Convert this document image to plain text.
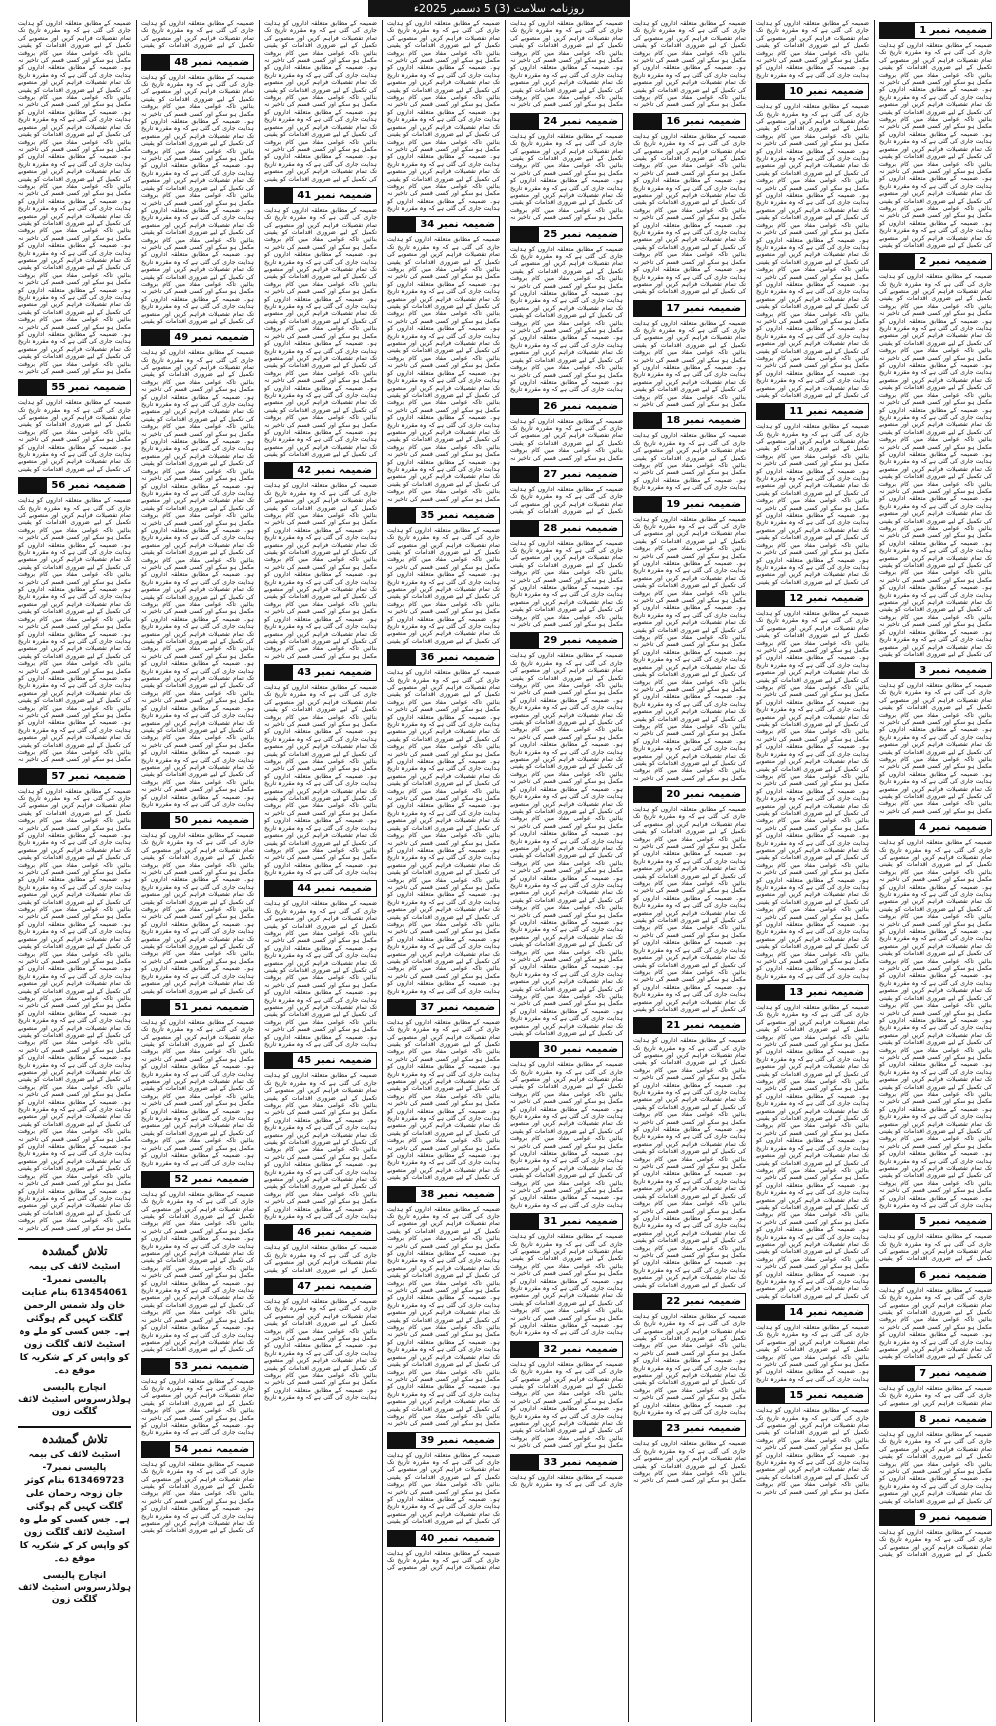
روزنامہ سلامت (3) 5 دسمبر 2025ء
ضمیمہ نمبر 1
ضمیمہ کے مطابق متعلقہ اداروں کو ہدایت جاری کی گئی ہے کہ وہ مقررہ تاریخ تک تمام تفصیلات فراہم کریں اور منصوبے کی تکمیل کے لیے ضروری اقدامات کو یقینی بنائیں تاکہ عوامی مفاد میں کام بروقت مکمل ہو سکے اور کسی قسم کی تاخیر نہ ہو۔ ضمیمہ کے مطابق متعلقہ اداروں کو ہدایت جاری کی گئی ہے کہ وہ مقررہ تاریخ تک تمام تفصیلات فراہم کریں اور منصوبے کی تکمیل کے لیے ضروری اقدامات کو یقینی بنائیں تاکہ عوامی مفاد میں کام بروقت مکمل ہو سکے اور کسی قسم کی تاخیر نہ ہو۔ ضمیمہ کے مطابق متعلقہ اداروں کو ہدایت جاری کی گئی ہے کہ وہ مقررہ تاریخ تک تمام تفصیلات فراہم کریں اور منصوبے کی تکمیل کے لیے ضروری اقدامات کو یقینی بنائیں تاکہ عوامی مفاد میں کام بروقت مکمل ہو سکے اور کسی قسم کی تاخیر نہ ہو۔ ضمیمہ کے مطابق متعلقہ اداروں کو ہدایت جاری کی گئی ہے کہ وہ مقررہ تاریخ تک تمام تفصیلات فراہم کریں اور منصوبے کی تکمیل کے لیے ضروری اقدامات کو یقینی بنائیں تاکہ عوامی مفاد میں کام بروقت مکمل ہو سکے اور کسی قسم کی تاخیر نہ ہو۔ ضمیمہ کے مطابق متعلقہ اداروں کو ہدایت جاری کی گئی ہے کہ وہ مقررہ تاریخ تک تمام تفصیلات فراہم کریں اور منصوبے کی تکمیل کے لیے ضروری اقدامات کو یقینی
ضمیمہ نمبر 2
ضمیمہ کے مطابق متعلقہ اداروں کو ہدایت جاری کی گئی ہے کہ وہ مقررہ تاریخ تک تمام تفصیلات فراہم کریں اور منصوبے کی تکمیل کے لیے ضروری اقدامات کو یقینی بنائیں تاکہ عوامی مفاد میں کام بروقت مکمل ہو سکے اور کسی قسم کی تاخیر نہ ہو۔ ضمیمہ کے مطابق متعلقہ اداروں کو ہدایت جاری کی گئی ہے کہ وہ مقررہ تاریخ تک تمام تفصیلات فراہم کریں اور منصوبے کی تکمیل کے لیے ضروری اقدامات کو یقینی بنائیں تاکہ عوامی مفاد میں کام بروقت مکمل ہو سکے اور کسی قسم کی تاخیر نہ ہو۔ ضمیمہ کے مطابق متعلقہ اداروں کو ہدایت جاری کی گئی ہے کہ وہ مقررہ تاریخ تک تمام تفصیلات فراہم کریں اور منصوبے کی تکمیل کے لیے ضروری اقدامات کو یقینی بنائیں تاکہ عوامی مفاد میں کام بروقت مکمل ہو سکے اور کسی قسم کی تاخیر نہ ہو۔ ضمیمہ کے مطابق متعلقہ اداروں کو ہدایت جاری کی گئی ہے کہ وہ مقررہ تاریخ تک تمام تفصیلات فراہم کریں اور منصوبے کی تکمیل کے لیے ضروری اقدامات کو یقینی بنائیں تاکہ عوامی مفاد میں کام بروقت مکمل ہو سکے اور کسی قسم کی تاخیر نہ ہو۔ ضمیمہ کے مطابق متعلقہ اداروں کو ہدایت جاری کی گئی ہے کہ وہ مقررہ تاریخ تک تمام تفصیلات فراہم کریں اور منصوبے کی تکمیل کے لیے ضروری اقدامات کو یقینی بنائیں تاکہ عوامی مفاد میں کام بروقت مکمل ہو سکے اور کسی قسم کی تاخیر نہ ہو۔ ضمیمہ کے مطابق متعلقہ اداروں کو ہدایت جاری کی گئی ہے کہ وہ مقررہ تاریخ تک تمام تفصیلات فراہم کریں اور منصوبے کی تکمیل کے لیے ضروری اقدامات کو یقینی بنائیں تاکہ عوامی مفاد میں کام بروقت مکمل ہو سکے اور کسی قسم کی تاخیر نہ ہو۔ ضمیمہ کے مطابق متعلقہ اداروں کو ہدایت جاری کی گئی ہے کہ وہ مقررہ تاریخ تک تمام تفصیلات فراہم کریں اور منصوبے کی تکمیل کے لیے ضروری اقدامات کو یقینی بنائیں تاکہ عوامی مفاد میں کام بروقت مکمل ہو سکے اور کسی قسم کی تاخیر نہ ہو۔ ضمیمہ کے مطابق متعلقہ اداروں کو ہدایت جاری کی گئی ہے کہ وہ مقررہ تاریخ تک تمام تفصیلات فراہم کریں اور منصوبے کی تکمیل کے لیے ضروری اقدامات کو یقینی بنائیں تاکہ عوامی مفاد میں کام بروقت مکمل ہو سکے اور کسی قسم کی تاخیر نہ ہو۔ ضمیمہ کے مطابق متعلقہ اداروں کو ہدایت جاری کی گئی ہے کہ وہ مقررہ تاریخ تک تمام تفصیلات فراہم کریں اور منصوبے کی تکمیل کے لیے ضروری اقدامات کو یقینی
ضمیمہ نمبر 3
ضمیمہ کے مطابق متعلقہ اداروں کو ہدایت جاری کی گئی ہے کہ وہ مقررہ تاریخ تک تمام تفصیلات فراہم کریں اور منصوبے کی تکمیل کے لیے ضروری اقدامات کو یقینی بنائیں تاکہ عوامی مفاد میں کام بروقت مکمل ہو سکے اور کسی قسم کی تاخیر نہ ہو۔ ضمیمہ کے مطابق متعلقہ اداروں کو ہدایت جاری کی گئی ہے کہ وہ مقررہ تاریخ تک تمام تفصیلات فراہم کریں اور منصوبے کی تکمیل کے لیے ضروری اقدامات کو یقینی بنائیں تاکہ عوامی مفاد میں کام بروقت مکمل ہو سکے اور کسی قسم کی تاخیر نہ ہو۔ ضمیمہ کے مطابق متعلقہ اداروں کو ہدایت جاری کی گئی ہے کہ وہ مقررہ تاریخ تک تمام تفصیلات فراہم کریں اور منصوبے کی تکمیل کے لیے ضروری اقدامات کو یقینی بنائیں تاکہ عوامی مفاد میں کام بروقت مکمل ہو سکے اور کسی قسم کی تاخیر نہ
ضمیمہ نمبر 4
ضمیمہ کے مطابق متعلقہ اداروں کو ہدایت جاری کی گئی ہے کہ وہ مقررہ تاریخ تک تمام تفصیلات فراہم کریں اور منصوبے کی تکمیل کے لیے ضروری اقدامات کو یقینی بنائیں تاکہ عوامی مفاد میں کام بروقت مکمل ہو سکے اور کسی قسم کی تاخیر نہ ہو۔ ضمیمہ کے مطابق متعلقہ اداروں کو ہدایت جاری کی گئی ہے کہ وہ مقررہ تاریخ تک تمام تفصیلات فراہم کریں اور منصوبے کی تکمیل کے لیے ضروری اقدامات کو یقینی بنائیں تاکہ عوامی مفاد میں کام بروقت مکمل ہو سکے اور کسی قسم کی تاخیر نہ ہو۔ ضمیمہ کے مطابق متعلقہ اداروں کو ہدایت جاری کی گئی ہے کہ وہ مقررہ تاریخ تک تمام تفصیلات فراہم کریں اور منصوبے کی تکمیل کے لیے ضروری اقدامات کو یقینی بنائیں تاکہ عوامی مفاد میں کام بروقت مکمل ہو سکے اور کسی قسم کی تاخیر نہ ہو۔ ضمیمہ کے مطابق متعلقہ اداروں کو ہدایت جاری کی گئی ہے کہ وہ مقررہ تاریخ تک تمام تفصیلات فراہم کریں اور منصوبے کی تکمیل کے لیے ضروری اقدامات کو یقینی بنائیں تاکہ عوامی مفاد میں کام بروقت مکمل ہو سکے اور کسی قسم کی تاخیر نہ ہو۔ ضمیمہ کے مطابق متعلقہ اداروں کو ہدایت جاری کی گئی ہے کہ وہ مقررہ تاریخ تک تمام تفصیلات فراہم کریں اور منصوبے کی تکمیل کے لیے ضروری اقدامات کو یقینی بنائیں تاکہ عوامی مفاد میں کام بروقت مکمل ہو سکے اور کسی قسم کی تاخیر نہ ہو۔ ضمیمہ کے مطابق متعلقہ اداروں کو ہدایت جاری کی گئی ہے کہ وہ مقررہ تاریخ تک تمام تفصیلات فراہم کریں اور منصوبے کی تکمیل کے لیے ضروری اقدامات کو یقینی بنائیں تاکہ عوامی مفاد میں کام بروقت مکمل ہو سکے اور کسی قسم کی تاخیر نہ ہو۔ ضمیمہ کے مطابق متعلقہ اداروں کو ہدایت جاری کی گئی ہے کہ وہ مقررہ تاریخ تک تمام تفصیلات فراہم کریں اور منصوبے کی تکمیل کے لیے ضروری اقدامات کو یقینی بنائیں تاکہ عوامی مفاد میں کام بروقت مکمل ہو سکے اور کسی قسم کی تاخیر نہ ہو۔ ضمیمہ کے مطابق متعلقہ اداروں کو ہدایت جاری کی گئی ہے کہ وہ مقررہ تاریخ تک تمام تفصیلات فراہم کریں اور منصوبے کی تکمیل کے لیے ضروری اقدامات کو یقینی بنائیں تاکہ عوامی مفاد میں کام بروقت مکمل ہو سکے اور کسی قسم کی تاخیر نہ ہو۔ ضمیمہ کے مطابق متعلقہ اداروں کو ہدایت جاری کی گئی ہے کہ وہ مقررہ تاریخ
ضمیمہ نمبر 5
ضمیمہ کے مطابق متعلقہ اداروں کو ہدایت جاری کی گئی ہے کہ وہ مقررہ تاریخ تک تمام تفصیلات فراہم کریں اور منصوبے کی تکمیل کے لیے ضروری اقدامات کو یقینی
ضمیمہ نمبر 6
ضمیمہ کے مطابق متعلقہ اداروں کو ہدایت جاری کی گئی ہے کہ وہ مقررہ تاریخ تک تمام تفصیلات فراہم کریں اور منصوبے کی تکمیل کے لیے ضروری اقدامات کو یقینی بنائیں تاکہ عوامی مفاد میں کام بروقت مکمل ہو سکے اور کسی قسم کی تاخیر نہ ہو۔ ضمیمہ کے مطابق متعلقہ اداروں کو ہدایت جاری کی گئی ہے کہ وہ مقررہ تاریخ تک تمام تفصیلات فراہم کریں اور منصوبے کی تکمیل کے لیے ضروری اقدامات کو یقینی
ضمیمہ نمبر 7
ضمیمہ کے مطابق متعلقہ اداروں کو ہدایت جاری کی گئی ہے کہ وہ مقررہ تاریخ تک تمام تفصیلات فراہم کریں اور منصوبے کی
ضمیمہ نمبر 8
ضمیمہ کے مطابق متعلقہ اداروں کو ہدایت جاری کی گئی ہے کہ وہ مقررہ تاریخ تک تمام تفصیلات فراہم کریں اور منصوبے کی تکمیل کے لیے ضروری اقدامات کو یقینی بنائیں تاکہ عوامی مفاد میں کام بروقت مکمل ہو سکے اور کسی قسم کی تاخیر نہ ہو۔ ضمیمہ کے مطابق متعلقہ اداروں کو ہدایت جاری کی گئی ہے کہ وہ مقررہ تاریخ تک تمام تفصیلات فراہم کریں اور منصوبے کی تکمیل کے لیے ضروری اقدامات کو یقینی
ضمیمہ نمبر 9
ضمیمہ کے مطابق متعلقہ اداروں کو ہدایت جاری کی گئی ہے کہ وہ مقررہ تاریخ تک تمام تفصیلات فراہم کریں اور منصوبے کی تکمیل کے لیے ضروری اقدامات کو یقینی
ضمیمہ کے مطابق متعلقہ اداروں کو ہدایت جاری کی گئی ہے کہ وہ مقررہ تاریخ تک تمام تفصیلات فراہم کریں اور منصوبے کی تکمیل کے لیے ضروری اقدامات کو یقینی بنائیں تاکہ عوامی مفاد میں کام بروقت مکمل ہو سکے اور کسی قسم کی تاخیر نہ ہو۔ ضمیمہ کے مطابق متعلقہ اداروں کو ہدایت جاری کی گئی ہے کہ وہ مقررہ تاریخ
ضمیمہ نمبر 10
ضمیمہ کے مطابق متعلقہ اداروں کو ہدایت جاری کی گئی ہے کہ وہ مقررہ تاریخ تک تمام تفصیلات فراہم کریں اور منصوبے کی تکمیل کے لیے ضروری اقدامات کو یقینی بنائیں تاکہ عوامی مفاد میں کام بروقت مکمل ہو سکے اور کسی قسم کی تاخیر نہ ہو۔ ضمیمہ کے مطابق متعلقہ اداروں کو ہدایت جاری کی گئی ہے کہ وہ مقررہ تاریخ تک تمام تفصیلات فراہم کریں اور منصوبے کی تکمیل کے لیے ضروری اقدامات کو یقینی بنائیں تاکہ عوامی مفاد میں کام بروقت مکمل ہو سکے اور کسی قسم کی تاخیر نہ ہو۔ ضمیمہ کے مطابق متعلقہ اداروں کو ہدایت جاری کی گئی ہے کہ وہ مقررہ تاریخ تک تمام تفصیلات فراہم کریں اور منصوبے کی تکمیل کے لیے ضروری اقدامات کو یقینی بنائیں تاکہ عوامی مفاد میں کام بروقت مکمل ہو سکے اور کسی قسم کی تاخیر نہ ہو۔ ضمیمہ کے مطابق متعلقہ اداروں کو ہدایت جاری کی گئی ہے کہ وہ مقررہ تاریخ تک تمام تفصیلات فراہم کریں اور منصوبے کی تکمیل کے لیے ضروری اقدامات کو یقینی بنائیں تاکہ عوامی مفاد میں کام بروقت مکمل ہو سکے اور کسی قسم کی تاخیر نہ ہو۔ ضمیمہ کے مطابق متعلقہ اداروں کو ہدایت جاری کی گئی ہے کہ وہ مقررہ تاریخ تک تمام تفصیلات فراہم کریں اور منصوبے کی تکمیل کے لیے ضروری اقدامات کو یقینی بنائیں تاکہ عوامی مفاد میں کام بروقت مکمل ہو سکے اور کسی قسم کی تاخیر نہ ہو۔ ضمیمہ کے مطابق متعلقہ اداروں کو ہدایت جاری کی گئی ہے کہ وہ مقررہ تاریخ تک تمام تفصیلات فراہم کریں اور منصوبے کی تکمیل کے لیے ضروری اقدامات کو یقینی بنائیں تاکہ عوامی مفاد میں کام بروقت مکمل ہو سکے اور کسی قسم کی تاخیر نہ ہو۔ ضمیمہ کے مطابق متعلقہ اداروں کو ہدایت جاری کی گئی ہے کہ وہ مقررہ تاریخ تک تمام تفصیلات فراہم کریں اور منصوبے کی تکمیل کے لیے ضروری اقدامات کو یقینی
ضمیمہ نمبر 11
ضمیمہ کے مطابق متعلقہ اداروں کو ہدایت جاری کی گئی ہے کہ وہ مقررہ تاریخ تک تمام تفصیلات فراہم کریں اور منصوبے کی تکمیل کے لیے ضروری اقدامات کو یقینی بنائیں تاکہ عوامی مفاد میں کام بروقت مکمل ہو سکے اور کسی قسم کی تاخیر نہ ہو۔ ضمیمہ کے مطابق متعلقہ اداروں کو ہدایت جاری کی گئی ہے کہ وہ مقررہ تاریخ تک تمام تفصیلات فراہم کریں اور منصوبے کی تکمیل کے لیے ضروری اقدامات کو یقینی بنائیں تاکہ عوامی مفاد میں کام بروقت مکمل ہو سکے اور کسی قسم کی تاخیر نہ ہو۔ ضمیمہ کے مطابق متعلقہ اداروں کو ہدایت جاری کی گئی ہے کہ وہ مقررہ تاریخ تک تمام تفصیلات فراہم کریں اور منصوبے کی تکمیل کے لیے ضروری اقدامات کو یقینی بنائیں تاکہ عوامی مفاد میں کام بروقت مکمل ہو سکے اور کسی قسم کی تاخیر نہ ہو۔ ضمیمہ کے مطابق متعلقہ اداروں کو ہدایت جاری کی گئی ہے کہ وہ مقررہ تاریخ تک تمام تفصیلات فراہم کریں اور منصوبے کی تکمیل کے لیے ضروری اقدامات کو یقینی
ضمیمہ نمبر 12
ضمیمہ کے مطابق متعلقہ اداروں کو ہدایت جاری کی گئی ہے کہ وہ مقررہ تاریخ تک تمام تفصیلات فراہم کریں اور منصوبے کی تکمیل کے لیے ضروری اقدامات کو یقینی بنائیں تاکہ عوامی مفاد میں کام بروقت مکمل ہو سکے اور کسی قسم کی تاخیر نہ ہو۔ ضمیمہ کے مطابق متعلقہ اداروں کو ہدایت جاری کی گئی ہے کہ وہ مقررہ تاریخ تک تمام تفصیلات فراہم کریں اور منصوبے کی تکمیل کے لیے ضروری اقدامات کو یقینی بنائیں تاکہ عوامی مفاد میں کام بروقت مکمل ہو سکے اور کسی قسم کی تاخیر نہ ہو۔ ضمیمہ کے مطابق متعلقہ اداروں کو ہدایت جاری کی گئی ہے کہ وہ مقررہ تاریخ تک تمام تفصیلات فراہم کریں اور منصوبے کی تکمیل کے لیے ضروری اقدامات کو یقینی بنائیں تاکہ عوامی مفاد میں کام بروقت مکمل ہو سکے اور کسی قسم کی تاخیر نہ ہو۔ ضمیمہ کے مطابق متعلقہ اداروں کو ہدایت جاری کی گئی ہے کہ وہ مقررہ تاریخ تک تمام تفصیلات فراہم کریں اور منصوبے کی تکمیل کے لیے ضروری اقدامات کو یقینی بنائیں تاکہ عوامی مفاد میں کام بروقت مکمل ہو سکے اور کسی قسم کی تاخیر نہ ہو۔ ضمیمہ کے مطابق متعلقہ اداروں کو ہدایت جاری کی گئی ہے کہ وہ مقررہ تاریخ تک تمام تفصیلات فراہم کریں اور منصوبے کی تکمیل کے لیے ضروری اقدامات کو یقینی بنائیں تاکہ عوامی مفاد میں کام بروقت مکمل ہو سکے اور کسی قسم کی تاخیر نہ ہو۔ ضمیمہ کے مطابق متعلقہ اداروں کو ہدایت جاری کی گئی ہے کہ وہ مقررہ تاریخ تک تمام تفصیلات فراہم کریں اور منصوبے کی تکمیل کے لیے ضروری اقدامات کو یقینی بنائیں تاکہ عوامی مفاد میں کام بروقت مکمل ہو سکے اور کسی قسم کی تاخیر نہ ہو۔ ضمیمہ کے مطابق متعلقہ اداروں کو ہدایت جاری کی گئی ہے کہ وہ مقررہ تاریخ تک تمام تفصیلات فراہم کریں اور منصوبے کی تکمیل کے لیے ضروری اقدامات کو یقینی بنائیں تاکہ عوامی مفاد میں کام بروقت مکمل ہو سکے اور کسی قسم کی تاخیر نہ ہو۔ ضمیمہ کے مطابق متعلقہ اداروں کو ہدایت جاری کی گئی ہے کہ وہ مقررہ تاریخ تک تمام تفصیلات فراہم کریں اور منصوبے کی تکمیل کے لیے ضروری اقدامات کو یقینی بنائیں تاکہ عوامی مفاد میں کام بروقت مکمل ہو سکے اور کسی قسم کی تاخیر نہ ہو۔ ضمیمہ کے مطابق متعلقہ اداروں کو ہدایت جاری کی گئی ہے کہ وہ مقررہ تاریخ
ضمیمہ نمبر 13
ضمیمہ کے مطابق متعلقہ اداروں کو ہدایت جاری کی گئی ہے کہ وہ مقررہ تاریخ تک تمام تفصیلات فراہم کریں اور منصوبے کی تکمیل کے لیے ضروری اقدامات کو یقینی بنائیں تاکہ عوامی مفاد میں کام بروقت مکمل ہو سکے اور کسی قسم کی تاخیر نہ ہو۔ ضمیمہ کے مطابق متعلقہ اداروں کو ہدایت جاری کی گئی ہے کہ وہ مقررہ تاریخ تک تمام تفصیلات فراہم کریں اور منصوبے کی تکمیل کے لیے ضروری اقدامات کو یقینی بنائیں تاکہ عوامی مفاد میں کام بروقت مکمل ہو سکے اور کسی قسم کی تاخیر نہ ہو۔ ضمیمہ کے مطابق متعلقہ اداروں کو ہدایت جاری کی گئی ہے کہ وہ مقررہ تاریخ تک تمام تفصیلات فراہم کریں اور منصوبے کی تکمیل کے لیے ضروری اقدامات کو یقینی بنائیں تاکہ عوامی مفاد میں کام بروقت مکمل ہو سکے اور کسی قسم کی تاخیر نہ ہو۔ ضمیمہ کے مطابق متعلقہ اداروں کو ہدایت جاری کی گئی ہے کہ وہ مقررہ تاریخ تک تمام تفصیلات فراہم کریں اور منصوبے کی تکمیل کے لیے ضروری اقدامات کو یقینی بنائیں تاکہ عوامی مفاد میں کام بروقت مکمل ہو سکے اور کسی قسم کی تاخیر نہ ہو۔ ضمیمہ کے مطابق متعلقہ اداروں کو ہدایت جاری کی گئی ہے کہ وہ مقررہ تاریخ تک تمام تفصیلات فراہم کریں اور منصوبے کی تکمیل کے لیے ضروری اقدامات کو یقینی بنائیں تاکہ عوامی مفاد میں کام بروقت مکمل ہو سکے اور کسی قسم کی تاخیر نہ ہو۔ ضمیمہ کے مطابق متعلقہ اداروں کو ہدایت جاری کی گئی ہے کہ وہ مقررہ تاریخ تک تمام تفصیلات فراہم کریں اور منصوبے کی تکمیل کے لیے ضروری اقدامات کو یقینی بنائیں تاکہ عوامی مفاد میں کام بروقت مکمل ہو سکے اور کسی قسم کی تاخیر نہ ہو۔ ضمیمہ کے مطابق متعلقہ اداروں کو ہدایت جاری کی گئی ہے کہ وہ مقررہ تاریخ تک تمام تفصیلات فراہم کریں اور منصوبے کی تکمیل کے لیے ضروری اقدامات کو یقینی
ضمیمہ نمبر 14
ضمیمہ کے مطابق متعلقہ اداروں کو ہدایت جاری کی گئی ہے کہ وہ مقررہ تاریخ تک تمام تفصیلات فراہم کریں اور منصوبے کی تکمیل کے لیے ضروری اقدامات کو یقینی بنائیں تاکہ عوامی مفاد میں کام بروقت مکمل ہو سکے اور کسی قسم کی تاخیر نہ ہو۔ ضمیمہ کے مطابق متعلقہ اداروں کو ہدایت جاری کی گئی ہے کہ وہ مقررہ تاریخ
ضمیمہ نمبر 15
ضمیمہ کے مطابق متعلقہ اداروں کو ہدایت جاری کی گئی ہے کہ وہ مقررہ تاریخ تک تمام تفصیلات فراہم کریں اور منصوبے کی تکمیل کے لیے ضروری اقدامات کو یقینی بنائیں تاکہ عوامی مفاد میں کام بروقت مکمل ہو سکے اور کسی قسم کی تاخیر نہ ہو۔ ضمیمہ کے مطابق متعلقہ اداروں کو ہدایت جاری کی گئی ہے کہ وہ مقررہ تاریخ تک تمام تفصیلات فراہم کریں اور منصوبے کی تکمیل کے لیے ضروری اقدامات کو یقینی بنائیں تاکہ عوامی مفاد میں کام بروقت مکمل ہو سکے اور کسی قسم کی تاخیر نہ
ضمیمہ کے مطابق متعلقہ اداروں کو ہدایت جاری کی گئی ہے کہ وہ مقررہ تاریخ تک تمام تفصیلات فراہم کریں اور منصوبے کی تکمیل کے لیے ضروری اقدامات کو یقینی بنائیں تاکہ عوامی مفاد میں کام بروقت مکمل ہو سکے اور کسی قسم کی تاخیر نہ ہو۔ ضمیمہ کے مطابق متعلقہ اداروں کو ہدایت جاری کی گئی ہے کہ وہ مقررہ تاریخ تک تمام تفصیلات فراہم کریں اور منصوبے کی تکمیل کے لیے ضروری اقدامات کو یقینی بنائیں تاکہ عوامی مفاد میں کام بروقت مکمل ہو سکے اور کسی قسم کی تاخیر نہ
ضمیمہ نمبر 16
ضمیمہ کے مطابق متعلقہ اداروں کو ہدایت جاری کی گئی ہے کہ وہ مقررہ تاریخ تک تمام تفصیلات فراہم کریں اور منصوبے کی تکمیل کے لیے ضروری اقدامات کو یقینی بنائیں تاکہ عوامی مفاد میں کام بروقت مکمل ہو سکے اور کسی قسم کی تاخیر نہ ہو۔ ضمیمہ کے مطابق متعلقہ اداروں کو ہدایت جاری کی گئی ہے کہ وہ مقررہ تاریخ تک تمام تفصیلات فراہم کریں اور منصوبے کی تکمیل کے لیے ضروری اقدامات کو یقینی بنائیں تاکہ عوامی مفاد میں کام بروقت مکمل ہو سکے اور کسی قسم کی تاخیر نہ ہو۔ ضمیمہ کے مطابق متعلقہ اداروں کو ہدایت جاری کی گئی ہے کہ وہ مقررہ تاریخ تک تمام تفصیلات فراہم کریں اور منصوبے کی تکمیل کے لیے ضروری اقدامات کو یقینی بنائیں تاکہ عوامی مفاد میں کام بروقت مکمل ہو سکے اور کسی قسم کی تاخیر نہ ہو۔ ضمیمہ کے مطابق متعلقہ اداروں کو ہدایت جاری کی گئی ہے کہ وہ مقررہ تاریخ تک تمام تفصیلات فراہم کریں اور منصوبے کی تکمیل کے لیے ضروری اقدامات کو یقینی
ضمیمہ نمبر 17
ضمیمہ کے مطابق متعلقہ اداروں کو ہدایت جاری کی گئی ہے کہ وہ مقررہ تاریخ تک تمام تفصیلات فراہم کریں اور منصوبے کی تکمیل کے لیے ضروری اقدامات کو یقینی بنائیں تاکہ عوامی مفاد میں کام بروقت مکمل ہو سکے اور کسی قسم کی تاخیر نہ ہو۔ ضمیمہ کے مطابق متعلقہ اداروں کو ہدایت جاری کی گئی ہے کہ وہ مقررہ تاریخ تک تمام تفصیلات فراہم کریں اور منصوبے کی تکمیل کے لیے ضروری اقدامات کو یقینی بنائیں تاکہ عوامی مفاد میں کام بروقت مکمل ہو سکے اور کسی قسم کی تاخیر نہ
ضمیمہ نمبر 18
ضمیمہ کے مطابق متعلقہ اداروں کو ہدایت جاری کی گئی ہے کہ وہ مقررہ تاریخ تک تمام تفصیلات فراہم کریں اور منصوبے کی تکمیل کے لیے ضروری اقدامات کو یقینی بنائیں تاکہ عوامی مفاد میں کام بروقت مکمل ہو سکے اور کسی قسم کی تاخیر نہ ہو۔ ضمیمہ کے مطابق متعلقہ اداروں کو ہدایت جاری کی گئی ہے کہ وہ مقررہ تاریخ
ضمیمہ نمبر 19
ضمیمہ کے مطابق متعلقہ اداروں کو ہدایت جاری کی گئی ہے کہ وہ مقررہ تاریخ تک تمام تفصیلات فراہم کریں اور منصوبے کی تکمیل کے لیے ضروری اقدامات کو یقینی بنائیں تاکہ عوامی مفاد میں کام بروقت مکمل ہو سکے اور کسی قسم کی تاخیر نہ ہو۔ ضمیمہ کے مطابق متعلقہ اداروں کو ہدایت جاری کی گئی ہے کہ وہ مقررہ تاریخ تک تمام تفصیلات فراہم کریں اور منصوبے کی تکمیل کے لیے ضروری اقدامات کو یقینی بنائیں تاکہ عوامی مفاد میں کام بروقت مکمل ہو سکے اور کسی قسم کی تاخیر نہ ہو۔ ضمیمہ کے مطابق متعلقہ اداروں کو ہدایت جاری کی گئی ہے کہ وہ مقررہ تاریخ تک تمام تفصیلات فراہم کریں اور منصوبے کی تکمیل کے لیے ضروری اقدامات کو یقینی بنائیں تاکہ عوامی مفاد میں کام بروقت مکمل ہو سکے اور کسی قسم کی تاخیر نہ ہو۔ ضمیمہ کے مطابق متعلقہ اداروں کو ہدایت جاری کی گئی ہے کہ وہ مقررہ تاریخ تک تمام تفصیلات فراہم کریں اور منصوبے کی تکمیل کے لیے ضروری اقدامات کو یقینی بنائیں تاکہ عوامی مفاد میں کام بروقت مکمل ہو سکے اور کسی قسم کی تاخیر نہ ہو۔ ضمیمہ کے مطابق متعلقہ اداروں کو ہدایت جاری کی گئی ہے کہ وہ مقررہ تاریخ تک تمام تفصیلات فراہم کریں اور منصوبے کی تکمیل کے لیے ضروری اقدامات کو یقینی بنائیں تاکہ عوامی مفاد میں کام بروقت مکمل ہو سکے اور کسی قسم کی تاخیر نہ ہو۔ ضمیمہ کے مطابق متعلقہ اداروں کو ہدایت جاری کی گئی ہے کہ وہ مقررہ تاریخ تک تمام تفصیلات فراہم کریں اور منصوبے کی تکمیل کے لیے ضروری اقدامات کو یقینی بنائیں تاکہ عوامی مفاد میں کام بروقت مکمل ہو سکے اور کسی قسم کی تاخیر نہ
ضمیمہ نمبر 20
ضمیمہ کے مطابق متعلقہ اداروں کو ہدایت جاری کی گئی ہے کہ وہ مقررہ تاریخ تک تمام تفصیلات فراہم کریں اور منصوبے کی تکمیل کے لیے ضروری اقدامات کو یقینی بنائیں تاکہ عوامی مفاد میں کام بروقت مکمل ہو سکے اور کسی قسم کی تاخیر نہ ہو۔ ضمیمہ کے مطابق متعلقہ اداروں کو ہدایت جاری کی گئی ہے کہ وہ مقررہ تاریخ تک تمام تفصیلات فراہم کریں اور منصوبے کی تکمیل کے لیے ضروری اقدامات کو یقینی بنائیں تاکہ عوامی مفاد میں کام بروقت مکمل ہو سکے اور کسی قسم کی تاخیر نہ ہو۔ ضمیمہ کے مطابق متعلقہ اداروں کو ہدایت جاری کی گئی ہے کہ وہ مقررہ تاریخ تک تمام تفصیلات فراہم کریں اور منصوبے کی تکمیل کے لیے ضروری اقدامات کو یقینی بنائیں تاکہ عوامی مفاد میں کام بروقت مکمل ہو سکے اور کسی قسم کی تاخیر نہ ہو۔ ضمیمہ کے مطابق متعلقہ اداروں کو ہدایت جاری کی گئی ہے کہ وہ مقررہ تاریخ تک تمام تفصیلات فراہم کریں اور منصوبے کی تکمیل کے لیے ضروری اقدامات کو یقینی بنائیں تاکہ عوامی مفاد میں کام بروقت مکمل ہو سکے اور کسی قسم کی تاخیر نہ ہو۔ ضمیمہ کے مطابق متعلقہ اداروں کو ہدایت جاری کی گئی ہے کہ وہ مقررہ تاریخ تک تمام تفصیلات فراہم کریں اور منصوبے کی تکمیل کے لیے ضروری اقدامات کو یقینی
ضمیمہ نمبر 21
ضمیمہ کے مطابق متعلقہ اداروں کو ہدایت جاری کی گئی ہے کہ وہ مقررہ تاریخ تک تمام تفصیلات فراہم کریں اور منصوبے کی تکمیل کے لیے ضروری اقدامات کو یقینی بنائیں تاکہ عوامی مفاد میں کام بروقت مکمل ہو سکے اور کسی قسم کی تاخیر نہ ہو۔ ضمیمہ کے مطابق متعلقہ اداروں کو ہدایت جاری کی گئی ہے کہ وہ مقررہ تاریخ تک تمام تفصیلات فراہم کریں اور منصوبے کی تکمیل کے لیے ضروری اقدامات کو یقینی بنائیں تاکہ عوامی مفاد میں کام بروقت مکمل ہو سکے اور کسی قسم کی تاخیر نہ ہو۔ ضمیمہ کے مطابق متعلقہ اداروں کو ہدایت جاری کی گئی ہے کہ وہ مقررہ تاریخ تک تمام تفصیلات فراہم کریں اور منصوبے کی تکمیل کے لیے ضروری اقدامات کو یقینی بنائیں تاکہ عوامی مفاد میں کام بروقت مکمل ہو سکے اور کسی قسم کی تاخیر نہ ہو۔ ضمیمہ کے مطابق متعلقہ اداروں کو ہدایت جاری کی گئی ہے کہ وہ مقررہ تاریخ تک تمام تفصیلات فراہم کریں اور منصوبے کی تکمیل کے لیے ضروری اقدامات کو یقینی بنائیں تاکہ عوامی مفاد میں کام بروقت مکمل ہو سکے اور کسی قسم کی تاخیر نہ ہو۔ ضمیمہ کے مطابق متعلقہ اداروں کو ہدایت جاری کی گئی ہے کہ وہ مقررہ تاریخ تک تمام تفصیلات فراہم کریں اور منصوبے کی تکمیل کے لیے ضروری اقدامات کو یقینی بنائیں تاکہ عوامی مفاد میں کام بروقت مکمل ہو سکے اور کسی قسم کی تاخیر نہ ہو۔ ضمیمہ کے مطابق متعلقہ اداروں کو ہدایت جاری کی گئی ہے کہ وہ مقررہ تاریخ تک تمام تفصیلات فراہم کریں اور منصوبے کی تکمیل کے لیے ضروری اقدامات کو یقینی
ضمیمہ نمبر 22
ضمیمہ کے مطابق متعلقہ اداروں کو ہدایت جاری کی گئی ہے کہ وہ مقررہ تاریخ تک تمام تفصیلات فراہم کریں اور منصوبے کی تکمیل کے لیے ضروری اقدامات کو یقینی بنائیں تاکہ عوامی مفاد میں کام بروقت مکمل ہو سکے اور کسی قسم کی تاخیر نہ ہو۔ ضمیمہ کے مطابق متعلقہ اداروں کو ہدایت جاری کی گئی ہے کہ وہ مقررہ تاریخ تک تمام تفصیلات فراہم کریں اور منصوبے کی تکمیل کے لیے ضروری اقدامات کو یقینی بنائیں تاکہ عوامی مفاد میں کام بروقت مکمل ہو سکے اور کسی قسم کی تاخیر نہ ہو۔ ضمیمہ کے مطابق متعلقہ اداروں کو ہدایت جاری کی گئی ہے کہ وہ مقررہ تاریخ
ضمیمہ نمبر 23
ضمیمہ کے مطابق متعلقہ اداروں کو ہدایت جاری کی گئی ہے کہ وہ مقررہ تاریخ تک تمام تفصیلات فراہم کریں اور منصوبے کی تکمیل کے لیے ضروری اقدامات کو یقینی بنائیں تاکہ عوامی مفاد میں کام بروقت مکمل ہو سکے اور کسی قسم کی تاخیر نہ
ضمیمہ کے مطابق متعلقہ اداروں کو ہدایت جاری کی گئی ہے کہ وہ مقررہ تاریخ تک تمام تفصیلات فراہم کریں اور منصوبے کی تکمیل کے لیے ضروری اقدامات کو یقینی بنائیں تاکہ عوامی مفاد میں کام بروقت مکمل ہو سکے اور کسی قسم کی تاخیر نہ ہو۔ ضمیمہ کے مطابق متعلقہ اداروں کو ہدایت جاری کی گئی ہے کہ وہ مقررہ تاریخ تک تمام تفصیلات فراہم کریں اور منصوبے کی تکمیل کے لیے ضروری اقدامات کو یقینی بنائیں تاکہ عوامی مفاد میں کام بروقت مکمل ہو سکے اور کسی قسم کی تاخیر نہ
ضمیمہ نمبر 24
ضمیمہ کے مطابق متعلقہ اداروں کو ہدایت جاری کی گئی ہے کہ وہ مقررہ تاریخ تک تمام تفصیلات فراہم کریں اور منصوبے کی تکمیل کے لیے ضروری اقدامات کو یقینی بنائیں تاکہ عوامی مفاد میں کام بروقت مکمل ہو سکے اور کسی قسم کی تاخیر نہ ہو۔ ضمیمہ کے مطابق متعلقہ اداروں کو ہدایت جاری کی گئی ہے کہ وہ مقررہ تاریخ تک تمام تفصیلات فراہم کریں اور منصوبے کی تکمیل کے لیے ضروری اقدامات کو یقینی بنائیں تاکہ عوامی مفاد میں کام بروقت مکمل ہو سکے اور کسی قسم کی تاخیر نہ
ضمیمہ نمبر 25
ضمیمہ کے مطابق متعلقہ اداروں کو ہدایت جاری کی گئی ہے کہ وہ مقررہ تاریخ تک تمام تفصیلات فراہم کریں اور منصوبے کی تکمیل کے لیے ضروری اقدامات کو یقینی بنائیں تاکہ عوامی مفاد میں کام بروقت مکمل ہو سکے اور کسی قسم کی تاخیر نہ ہو۔ ضمیمہ کے مطابق متعلقہ اداروں کو ہدایت جاری کی گئی ہے کہ وہ مقررہ تاریخ تک تمام تفصیلات فراہم کریں اور منصوبے کی تکمیل کے لیے ضروری اقدامات کو یقینی بنائیں تاکہ عوامی مفاد میں کام بروقت مکمل ہو سکے اور کسی قسم کی تاخیر نہ ہو۔ ضمیمہ کے مطابق متعلقہ اداروں کو ہدایت جاری کی گئی ہے کہ وہ مقررہ تاریخ تک تمام تفصیلات فراہم کریں اور منصوبے کی تکمیل کے لیے ضروری اقدامات کو یقینی بنائیں تاکہ عوامی مفاد میں کام بروقت مکمل ہو سکے اور کسی قسم کی تاخیر نہ ہو۔ ضمیمہ کے مطابق متعلقہ اداروں کو ہدایت جاری کی گئی ہے کہ وہ مقررہ تاریخ
ضمیمہ نمبر 26
ضمیمہ کے مطابق متعلقہ اداروں کو ہدایت جاری کی گئی ہے کہ وہ مقررہ تاریخ تک تمام تفصیلات فراہم کریں اور منصوبے کی تکمیل کے لیے ضروری اقدامات کو یقینی بنائیں تاکہ عوامی مفاد میں کام بروقت مکمل ہو سکے اور کسی قسم کی تاخیر نہ
ضمیمہ نمبر 27
ضمیمہ کے مطابق متعلقہ اداروں کو ہدایت جاری کی گئی ہے کہ وہ مقررہ تاریخ تک تمام تفصیلات فراہم کریں اور منصوبے کی تکمیل کے لیے ضروری اقدامات کو یقینی
ضمیمہ نمبر 28
ضمیمہ کے مطابق متعلقہ اداروں کو ہدایت جاری کی گئی ہے کہ وہ مقررہ تاریخ تک تمام تفصیلات فراہم کریں اور منصوبے کی تکمیل کے لیے ضروری اقدامات کو یقینی بنائیں تاکہ عوامی مفاد میں کام بروقت مکمل ہو سکے اور کسی قسم کی تاخیر نہ ہو۔ ضمیمہ کے مطابق متعلقہ اداروں کو ہدایت جاری کی گئی ہے کہ وہ مقررہ تاریخ تک تمام تفصیلات فراہم کریں اور منصوبے کی تکمیل کے لیے ضروری اقدامات کو یقینی بنائیں تاکہ عوامی مفاد میں کام بروقت مکمل ہو سکے اور کسی قسم کی تاخیر نہ
ضمیمہ نمبر 29
ضمیمہ کے مطابق متعلقہ اداروں کو ہدایت جاری کی گئی ہے کہ وہ مقررہ تاریخ تک تمام تفصیلات فراہم کریں اور منصوبے کی تکمیل کے لیے ضروری اقدامات کو یقینی بنائیں تاکہ عوامی مفاد میں کام بروقت مکمل ہو سکے اور کسی قسم کی تاخیر نہ ہو۔ ضمیمہ کے مطابق متعلقہ اداروں کو ہدایت جاری کی گئی ہے کہ وہ مقررہ تاریخ تک تمام تفصیلات فراہم کریں اور منصوبے کی تکمیل کے لیے ضروری اقدامات کو یقینی بنائیں تاکہ عوامی مفاد میں کام بروقت مکمل ہو سکے اور کسی قسم کی تاخیر نہ ہو۔ ضمیمہ کے مطابق متعلقہ اداروں کو ہدایت جاری کی گئی ہے کہ وہ مقررہ تاریخ تک تمام تفصیلات فراہم کریں اور منصوبے کی تکمیل کے لیے ضروری اقدامات کو یقینی بنائیں تاکہ عوامی مفاد میں کام بروقت مکمل ہو سکے اور کسی قسم کی تاخیر نہ ہو۔ ضمیمہ کے مطابق متعلقہ اداروں کو ہدایت جاری کی گئی ہے کہ وہ مقررہ تاریخ تک تمام تفصیلات فراہم کریں اور منصوبے کی تکمیل کے لیے ضروری اقدامات کو یقینی بنائیں تاکہ عوامی مفاد میں کام بروقت مکمل ہو سکے اور کسی قسم کی تاخیر نہ ہو۔ ضمیمہ کے مطابق متعلقہ اداروں کو ہدایت جاری کی گئی ہے کہ وہ مقررہ تاریخ تک تمام تفصیلات فراہم کریں اور منصوبے کی تکمیل کے لیے ضروری اقدامات کو یقینی بنائیں تاکہ عوامی مفاد میں کام بروقت مکمل ہو سکے اور کسی قسم کی تاخیر نہ ہو۔ ضمیمہ کے مطابق متعلقہ اداروں کو ہدایت جاری کی گئی ہے کہ وہ مقررہ تاریخ تک تمام تفصیلات فراہم کریں اور منصوبے کی تکمیل کے لیے ضروری اقدامات کو یقینی بنائیں تاکہ عوامی مفاد میں کام بروقت مکمل ہو سکے اور کسی قسم کی تاخیر نہ ہو۔ ضمیمہ کے مطابق متعلقہ اداروں کو ہدایت جاری کی گئی ہے کہ وہ مقررہ تاریخ تک تمام تفصیلات فراہم کریں اور منصوبے کی تکمیل کے لیے ضروری اقدامات کو یقینی بنائیں تاکہ عوامی مفاد میں کام بروقت مکمل ہو سکے اور کسی قسم کی تاخیر نہ ہو۔ ضمیمہ کے مطابق متعلقہ اداروں کو ہدایت جاری کی گئی ہے کہ وہ مقررہ تاریخ تک تمام تفصیلات فراہم کریں اور منصوبے کی تکمیل کے لیے ضروری اقدامات کو یقینی بنائیں تاکہ عوامی مفاد میں کام بروقت مکمل ہو سکے اور کسی قسم کی تاخیر نہ ہو۔ ضمیمہ کے مطابق متعلقہ اداروں کو ہدایت جاری کی گئی ہے کہ وہ مقررہ تاریخ تک تمام تفصیلات فراہم کریں اور منصوبے کی تکمیل کے لیے ضروری اقدامات کو یقینی
ضمیمہ نمبر 30
ضمیمہ کے مطابق متعلقہ اداروں کو ہدایت جاری کی گئی ہے کہ وہ مقررہ تاریخ تک تمام تفصیلات فراہم کریں اور منصوبے کی تکمیل کے لیے ضروری اقدامات کو یقینی بنائیں تاکہ عوامی مفاد میں کام بروقت مکمل ہو سکے اور کسی قسم کی تاخیر نہ ہو۔ ضمیمہ کے مطابق متعلقہ اداروں کو ہدایت جاری کی گئی ہے کہ وہ مقررہ تاریخ تک تمام تفصیلات فراہم کریں اور منصوبے کی تکمیل کے لیے ضروری اقدامات کو یقینی بنائیں تاکہ عوامی مفاد میں کام بروقت مکمل ہو سکے اور کسی قسم کی تاخیر نہ ہو۔ ضمیمہ کے مطابق متعلقہ اداروں کو ہدایت جاری کی گئی ہے کہ وہ مقررہ تاریخ تک تمام تفصیلات فراہم کریں اور منصوبے کی تکمیل کے لیے ضروری اقدامات کو یقینی بنائیں تاکہ عوامی مفاد میں کام بروقت مکمل ہو سکے اور کسی قسم کی تاخیر نہ ہو۔ ضمیمہ کے مطابق متعلقہ اداروں کو ہدایت جاری کی گئی ہے کہ وہ مقررہ تاریخ
ضمیمہ نمبر 31
ضمیمہ کے مطابق متعلقہ اداروں کو ہدایت جاری کی گئی ہے کہ وہ مقررہ تاریخ تک تمام تفصیلات فراہم کریں اور منصوبے کی تکمیل کے لیے ضروری اقدامات کو یقینی بنائیں تاکہ عوامی مفاد میں کام بروقت مکمل ہو سکے اور کسی قسم کی تاخیر نہ ہو۔ ضمیمہ کے مطابق متعلقہ اداروں کو ہدایت جاری کی گئی ہے کہ وہ مقررہ تاریخ تک تمام تفصیلات فراہم کریں اور منصوبے کی تکمیل کے لیے ضروری اقدامات کو یقینی بنائیں تاکہ عوامی مفاد میں کام بروقت مکمل ہو سکے اور کسی قسم کی تاخیر نہ ہو۔ ضمیمہ کے مطابق متعلقہ اداروں کو ہدایت جاری کی گئی ہے کہ وہ مقررہ تاریخ
ضمیمہ نمبر 32
ضمیمہ کے مطابق متعلقہ اداروں کو ہدایت جاری کی گئی ہے کہ وہ مقررہ تاریخ تک تمام تفصیلات فراہم کریں اور منصوبے کی تکمیل کے لیے ضروری اقدامات کو یقینی بنائیں تاکہ عوامی مفاد میں کام بروقت مکمل ہو سکے اور کسی قسم کی تاخیر نہ ہو۔ ضمیمہ کے مطابق متعلقہ اداروں کو ہدایت جاری کی گئی ہے کہ وہ مقررہ تاریخ تک تمام تفصیلات فراہم کریں اور منصوبے کی تکمیل کے لیے ضروری اقدامات کو یقینی بنائیں تاکہ عوامی مفاد میں کام بروقت مکمل ہو سکے اور کسی قسم کی تاخیر نہ
ضمیمہ نمبر 33
ضمیمہ کے مطابق متعلقہ اداروں کو ہدایت جاری کی گئی ہے کہ وہ مقررہ تاریخ تک
ضمیمہ کے مطابق متعلقہ اداروں کو ہدایت جاری کی گئی ہے کہ وہ مقررہ تاریخ تک تمام تفصیلات فراہم کریں اور منصوبے کی تکمیل کے لیے ضروری اقدامات کو یقینی بنائیں تاکہ عوامی مفاد میں کام بروقت مکمل ہو سکے اور کسی قسم کی تاخیر نہ ہو۔ ضمیمہ کے مطابق متعلقہ اداروں کو ہدایت جاری کی گئی ہے کہ وہ مقررہ تاریخ تک تمام تفصیلات فراہم کریں اور منصوبے کی تکمیل کے لیے ضروری اقدامات کو یقینی بنائیں تاکہ عوامی مفاد میں کام بروقت مکمل ہو سکے اور کسی قسم کی تاخیر نہ ہو۔ ضمیمہ کے مطابق متعلقہ اداروں کو ہدایت جاری کی گئی ہے کہ وہ مقررہ تاریخ تک تمام تفصیلات فراہم کریں اور منصوبے کی تکمیل کے لیے ضروری اقدامات کو یقینی بنائیں تاکہ عوامی مفاد میں کام بروقت مکمل ہو سکے اور کسی قسم کی تاخیر نہ ہو۔ ضمیمہ کے مطابق متعلقہ اداروں کو ہدایت جاری کی گئی ہے کہ وہ مقررہ تاریخ تک تمام تفصیلات فراہم کریں اور منصوبے کی تکمیل کے لیے ضروری اقدامات کو یقینی بنائیں تاکہ عوامی مفاد میں کام بروقت مکمل ہو سکے اور کسی قسم کی تاخیر نہ ہو۔ ضمیمہ کے مطابق متعلقہ اداروں کو ہدایت جاری کی گئی ہے کہ وہ مقررہ تاریخ
ضمیمہ نمبر 34
ضمیمہ کے مطابق متعلقہ اداروں کو ہدایت جاری کی گئی ہے کہ وہ مقررہ تاریخ تک تمام تفصیلات فراہم کریں اور منصوبے کی تکمیل کے لیے ضروری اقدامات کو یقینی بنائیں تاکہ عوامی مفاد میں کام بروقت مکمل ہو سکے اور کسی قسم کی تاخیر نہ ہو۔ ضمیمہ کے مطابق متعلقہ اداروں کو ہدایت جاری کی گئی ہے کہ وہ مقررہ تاریخ تک تمام تفصیلات فراہم کریں اور منصوبے کی تکمیل کے لیے ضروری اقدامات کو یقینی بنائیں تاکہ عوامی مفاد میں کام بروقت مکمل ہو سکے اور کسی قسم کی تاخیر نہ ہو۔ ضمیمہ کے مطابق متعلقہ اداروں کو ہدایت جاری کی گئی ہے کہ وہ مقررہ تاریخ تک تمام تفصیلات فراہم کریں اور منصوبے کی تکمیل کے لیے ضروری اقدامات کو یقینی بنائیں تاکہ عوامی مفاد میں کام بروقت مکمل ہو سکے اور کسی قسم کی تاخیر نہ ہو۔ ضمیمہ کے مطابق متعلقہ اداروں کو ہدایت جاری کی گئی ہے کہ وہ مقررہ تاریخ تک تمام تفصیلات فراہم کریں اور منصوبے کی تکمیل کے لیے ضروری اقدامات کو یقینی بنائیں تاکہ عوامی مفاد میں کام بروقت مکمل ہو سکے اور کسی قسم کی تاخیر نہ ہو۔ ضمیمہ کے مطابق متعلقہ اداروں کو ہدایت جاری کی گئی ہے کہ وہ مقررہ تاریخ تک تمام تفصیلات فراہم کریں اور منصوبے کی تکمیل کے لیے ضروری اقدامات کو یقینی بنائیں تاکہ عوامی مفاد میں کام بروقت مکمل ہو سکے اور کسی قسم کی تاخیر نہ ہو۔ ضمیمہ کے مطابق متعلقہ اداروں کو ہدایت جاری کی گئی ہے کہ وہ مقررہ تاریخ تک تمام تفصیلات فراہم کریں اور منصوبے کی تکمیل کے لیے ضروری اقدامات کو یقینی بنائیں تاکہ عوامی مفاد میں کام بروقت مکمل ہو سکے اور کسی قسم کی تاخیر نہ
ضمیمہ نمبر 35
ضمیمہ کے مطابق متعلقہ اداروں کو ہدایت جاری کی گئی ہے کہ وہ مقررہ تاریخ تک تمام تفصیلات فراہم کریں اور منصوبے کی تکمیل کے لیے ضروری اقدامات کو یقینی بنائیں تاکہ عوامی مفاد میں کام بروقت مکمل ہو سکے اور کسی قسم کی تاخیر نہ ہو۔ ضمیمہ کے مطابق متعلقہ اداروں کو ہدایت جاری کی گئی ہے کہ وہ مقررہ تاریخ تک تمام تفصیلات فراہم کریں اور منصوبے کی تکمیل کے لیے ضروری اقدامات کو یقینی بنائیں تاکہ عوامی مفاد میں کام بروقت مکمل ہو سکے اور کسی قسم کی تاخیر نہ ہو۔ ضمیمہ کے مطابق متعلقہ اداروں کو ہدایت جاری کی گئی ہے کہ وہ مقررہ تاریخ تک تمام تفصیلات فراہم کریں اور منصوبے کی تکمیل کے لیے ضروری اقدامات کو یقینی
ضمیمہ نمبر 36
ضمیمہ کے مطابق متعلقہ اداروں کو ہدایت جاری کی گئی ہے کہ وہ مقررہ تاریخ تک تمام تفصیلات فراہم کریں اور منصوبے کی تکمیل کے لیے ضروری اقدامات کو یقینی بنائیں تاکہ عوامی مفاد میں کام بروقت مکمل ہو سکے اور کسی قسم کی تاخیر نہ ہو۔ ضمیمہ کے مطابق متعلقہ اداروں کو ہدایت جاری کی گئی ہے کہ وہ مقررہ تاریخ تک تمام تفصیلات فراہم کریں اور منصوبے کی تکمیل کے لیے ضروری اقدامات کو یقینی بنائیں تاکہ عوامی مفاد میں کام بروقت مکمل ہو سکے اور کسی قسم کی تاخیر نہ ہو۔ ضمیمہ کے مطابق متعلقہ اداروں کو ہدایت جاری کی گئی ہے کہ وہ مقررہ تاریخ تک تمام تفصیلات فراہم کریں اور منصوبے کی تکمیل کے لیے ضروری اقدامات کو یقینی بنائیں تاکہ عوامی مفاد میں کام بروقت مکمل ہو سکے اور کسی قسم کی تاخیر نہ ہو۔ ضمیمہ کے مطابق متعلقہ اداروں کو ہدایت جاری کی گئی ہے کہ وہ مقررہ تاریخ تک تمام تفصیلات فراہم کریں اور منصوبے کی تکمیل کے لیے ضروری اقدامات کو یقینی بنائیں تاکہ عوامی مفاد میں کام بروقت مکمل ہو سکے اور کسی قسم کی تاخیر نہ ہو۔ ضمیمہ کے مطابق متعلقہ اداروں کو ہدایت جاری کی گئی ہے کہ وہ مقررہ تاریخ تک تمام تفصیلات فراہم کریں اور منصوبے کی تکمیل کے لیے ضروری اقدامات کو یقینی بنائیں تاکہ عوامی مفاد میں کام بروقت مکمل ہو سکے اور کسی قسم کی تاخیر نہ ہو۔ ضمیمہ کے مطابق متعلقہ اداروں کو ہدایت جاری کی گئی ہے کہ وہ مقررہ تاریخ تک تمام تفصیلات فراہم کریں اور منصوبے کی تکمیل کے لیے ضروری اقدامات کو یقینی بنائیں تاکہ عوامی مفاد میں کام بروقت مکمل ہو سکے اور کسی قسم کی تاخیر نہ ہو۔ ضمیمہ کے مطابق متعلقہ اداروں کو ہدایت جاری کی گئی ہے کہ وہ مقررہ تاریخ تک تمام تفصیلات فراہم کریں اور منصوبے کی تکمیل کے لیے ضروری اقدامات کو یقینی بنائیں تاکہ عوامی مفاد میں کام بروقت مکمل ہو سکے اور کسی قسم کی تاخیر نہ ہو۔ ضمیمہ کے مطابق متعلقہ اداروں کو ہدایت جاری کی گئی ہے کہ وہ مقررہ تاریخ
ضمیمہ نمبر 37
ضمیمہ کے مطابق متعلقہ اداروں کو ہدایت جاری کی گئی ہے کہ وہ مقررہ تاریخ تک تمام تفصیلات فراہم کریں اور منصوبے کی تکمیل کے لیے ضروری اقدامات کو یقینی بنائیں تاکہ عوامی مفاد میں کام بروقت مکمل ہو سکے اور کسی قسم کی تاخیر نہ ہو۔ ضمیمہ کے مطابق متعلقہ اداروں کو ہدایت جاری کی گئی ہے کہ وہ مقررہ تاریخ تک تمام تفصیلات فراہم کریں اور منصوبے کی تکمیل کے لیے ضروری اقدامات کو یقینی بنائیں تاکہ عوامی مفاد میں کام بروقت مکمل ہو سکے اور کسی قسم کی تاخیر نہ ہو۔ ضمیمہ کے مطابق متعلقہ اداروں کو ہدایت جاری کی گئی ہے کہ وہ مقررہ تاریخ تک تمام تفصیلات فراہم کریں اور منصوبے کی تکمیل کے لیے ضروری اقدامات کو یقینی بنائیں تاکہ عوامی مفاد میں کام بروقت مکمل ہو سکے اور کسی قسم کی تاخیر نہ ہو۔ ضمیمہ کے مطابق متعلقہ اداروں کو ہدایت جاری کی گئی ہے کہ وہ مقررہ تاریخ تک تمام تفصیلات فراہم کریں اور منصوبے کی تکمیل کے لیے ضروری اقدامات کو یقینی
ضمیمہ نمبر 38
ضمیمہ کے مطابق متعلقہ اداروں کو ہدایت جاری کی گئی ہے کہ وہ مقررہ تاریخ تک تمام تفصیلات فراہم کریں اور منصوبے کی تکمیل کے لیے ضروری اقدامات کو یقینی بنائیں تاکہ عوامی مفاد میں کام بروقت مکمل ہو سکے اور کسی قسم کی تاخیر نہ ہو۔ ضمیمہ کے مطابق متعلقہ اداروں کو ہدایت جاری کی گئی ہے کہ وہ مقررہ تاریخ تک تمام تفصیلات فراہم کریں اور منصوبے کی تکمیل کے لیے ضروری اقدامات کو یقینی بنائیں تاکہ عوامی مفاد میں کام بروقت مکمل ہو سکے اور کسی قسم کی تاخیر نہ ہو۔ ضمیمہ کے مطابق متعلقہ اداروں کو ہدایت جاری کی گئی ہے کہ وہ مقررہ تاریخ تک تمام تفصیلات فراہم کریں اور منصوبے کی تکمیل کے لیے ضروری اقدامات کو یقینی بنائیں تاکہ عوامی مفاد میں کام بروقت مکمل ہو سکے اور کسی قسم کی تاخیر نہ ہو۔ ضمیمہ کے مطابق متعلقہ اداروں کو ہدایت جاری کی گئی ہے کہ وہ مقررہ تاریخ تک تمام تفصیلات فراہم کریں اور منصوبے کی تکمیل کے لیے ضروری اقدامات کو یقینی بنائیں تاکہ عوامی مفاد میں کام بروقت مکمل ہو سکے اور کسی قسم کی تاخیر نہ ہو۔ ضمیمہ کے مطابق متعلقہ اداروں کو ہدایت جاری کی گئی ہے کہ وہ مقررہ تاریخ تک تمام تفصیلات فراہم کریں اور منصوبے کی تکمیل کے لیے ضروری اقدامات کو یقینی بنائیں تاکہ عوامی مفاد میں کام بروقت مکمل ہو سکے اور کسی قسم کی تاخیر نہ
ضمیمہ نمبر 39
ضمیمہ کے مطابق متعلقہ اداروں کو ہدایت جاری کی گئی ہے کہ وہ مقررہ تاریخ تک تمام تفصیلات فراہم کریں اور منصوبے کی تکمیل کے لیے ضروری اقدامات کو یقینی بنائیں تاکہ عوامی مفاد میں کام بروقت مکمل ہو سکے اور کسی قسم کی تاخیر نہ ہو۔ ضمیمہ کے مطابق متعلقہ اداروں کو ہدایت جاری کی گئی ہے کہ وہ مقررہ تاریخ تک تمام تفصیلات فراہم کریں اور منصوبے کی تکمیل کے لیے ضروری اقدامات کو یقینی
ضمیمہ نمبر 40
ضمیمہ کے مطابق متعلقہ اداروں کو ہدایت جاری کی گئی ہے کہ وہ مقررہ تاریخ تک تمام تفصیلات فراہم کریں اور منصوبے کی
ضمیمہ کے مطابق متعلقہ اداروں کو ہدایت جاری کی گئی ہے کہ وہ مقررہ تاریخ تک تمام تفصیلات فراہم کریں اور منصوبے کی تکمیل کے لیے ضروری اقدامات کو یقینی بنائیں تاکہ عوامی مفاد میں کام بروقت مکمل ہو سکے اور کسی قسم کی تاخیر نہ ہو۔ ضمیمہ کے مطابق متعلقہ اداروں کو ہدایت جاری کی گئی ہے کہ وہ مقررہ تاریخ تک تمام تفصیلات فراہم کریں اور منصوبے کی تکمیل کے لیے ضروری اقدامات کو یقینی بنائیں تاکہ عوامی مفاد میں کام بروقت مکمل ہو سکے اور کسی قسم کی تاخیر نہ ہو۔ ضمیمہ کے مطابق متعلقہ اداروں کو ہدایت جاری کی گئی ہے کہ وہ مقررہ تاریخ تک تمام تفصیلات فراہم کریں اور منصوبے کی تکمیل کے لیے ضروری اقدامات کو یقینی بنائیں تاکہ عوامی مفاد میں کام بروقت مکمل ہو سکے اور کسی قسم کی تاخیر نہ ہو۔ ضمیمہ کے مطابق متعلقہ اداروں کو ہدایت جاری کی گئی ہے کہ وہ مقررہ تاریخ تک تمام تفصیلات فراہم کریں اور منصوبے کی تکمیل کے لیے ضروری اقدامات کو یقینی
ضمیمہ نمبر 41
ضمیمہ کے مطابق متعلقہ اداروں کو ہدایت جاری کی گئی ہے کہ وہ مقررہ تاریخ تک تمام تفصیلات فراہم کریں اور منصوبے کی تکمیل کے لیے ضروری اقدامات کو یقینی بنائیں تاکہ عوامی مفاد میں کام بروقت مکمل ہو سکے اور کسی قسم کی تاخیر نہ ہو۔ ضمیمہ کے مطابق متعلقہ اداروں کو ہدایت جاری کی گئی ہے کہ وہ مقررہ تاریخ تک تمام تفصیلات فراہم کریں اور منصوبے کی تکمیل کے لیے ضروری اقدامات کو یقینی بنائیں تاکہ عوامی مفاد میں کام بروقت مکمل ہو سکے اور کسی قسم کی تاخیر نہ ہو۔ ضمیمہ کے مطابق متعلقہ اداروں کو ہدایت جاری کی گئی ہے کہ وہ مقررہ تاریخ تک تمام تفصیلات فراہم کریں اور منصوبے کی تکمیل کے لیے ضروری اقدامات کو یقینی بنائیں تاکہ عوامی مفاد میں کام بروقت مکمل ہو سکے اور کسی قسم کی تاخیر نہ ہو۔ ضمیمہ کے مطابق متعلقہ اداروں کو ہدایت جاری کی گئی ہے کہ وہ مقررہ تاریخ تک تمام تفصیلات فراہم کریں اور منصوبے کی تکمیل کے لیے ضروری اقدامات کو یقینی بنائیں تاکہ عوامی مفاد میں کام بروقت مکمل ہو سکے اور کسی قسم کی تاخیر نہ ہو۔ ضمیمہ کے مطابق متعلقہ اداروں کو ہدایت جاری کی گئی ہے کہ وہ مقررہ تاریخ تک تمام تفصیلات فراہم کریں اور منصوبے کی تکمیل کے لیے ضروری اقدامات کو یقینی بنائیں تاکہ عوامی مفاد میں کام بروقت مکمل ہو سکے اور کسی قسم کی تاخیر نہ ہو۔ ضمیمہ کے مطابق متعلقہ اداروں کو ہدایت جاری کی گئی ہے کہ وہ مقررہ تاریخ تک تمام تفصیلات فراہم کریں اور منصوبے کی تکمیل کے لیے ضروری اقدامات کو یقینی
ضمیمہ نمبر 42
ضمیمہ کے مطابق متعلقہ اداروں کو ہدایت جاری کی گئی ہے کہ وہ مقررہ تاریخ تک تمام تفصیلات فراہم کریں اور منصوبے کی تکمیل کے لیے ضروری اقدامات کو یقینی بنائیں تاکہ عوامی مفاد میں کام بروقت مکمل ہو سکے اور کسی قسم کی تاخیر نہ ہو۔ ضمیمہ کے مطابق متعلقہ اداروں کو ہدایت جاری کی گئی ہے کہ وہ مقررہ تاریخ تک تمام تفصیلات فراہم کریں اور منصوبے کی تکمیل کے لیے ضروری اقدامات کو یقینی بنائیں تاکہ عوامی مفاد میں کام بروقت مکمل ہو سکے اور کسی قسم کی تاخیر نہ ہو۔ ضمیمہ کے مطابق متعلقہ اداروں کو ہدایت جاری کی گئی ہے کہ وہ مقررہ تاریخ تک تمام تفصیلات فراہم کریں اور منصوبے کی تکمیل کے لیے ضروری اقدامات کو یقینی بنائیں تاکہ عوامی مفاد میں کام بروقت مکمل ہو سکے اور کسی قسم کی تاخیر نہ ہو۔ ضمیمہ کے مطابق متعلقہ اداروں کو ہدایت جاری کی گئی ہے کہ وہ مقررہ تاریخ تک تمام تفصیلات فراہم کریں اور منصوبے کی تکمیل کے لیے ضروری اقدامات کو یقینی بنائیں تاکہ عوامی مفاد میں کام بروقت مکمل ہو سکے اور کسی قسم کی تاخیر نہ
ضمیمہ نمبر 43
ضمیمہ کے مطابق متعلقہ اداروں کو ہدایت جاری کی گئی ہے کہ وہ مقررہ تاریخ تک تمام تفصیلات فراہم کریں اور منصوبے کی تکمیل کے لیے ضروری اقدامات کو یقینی بنائیں تاکہ عوامی مفاد میں کام بروقت مکمل ہو سکے اور کسی قسم کی تاخیر نہ ہو۔ ضمیمہ کے مطابق متعلقہ اداروں کو ہدایت جاری کی گئی ہے کہ وہ مقررہ تاریخ تک تمام تفصیلات فراہم کریں اور منصوبے کی تکمیل کے لیے ضروری اقدامات کو یقینی بنائیں تاکہ عوامی مفاد میں کام بروقت مکمل ہو سکے اور کسی قسم کی تاخیر نہ ہو۔ ضمیمہ کے مطابق متعلقہ اداروں کو ہدایت جاری کی گئی ہے کہ وہ مقررہ تاریخ تک تمام تفصیلات فراہم کریں اور منصوبے کی تکمیل کے لیے ضروری اقدامات کو یقینی بنائیں تاکہ عوامی مفاد میں کام بروقت مکمل ہو سکے اور کسی قسم کی تاخیر نہ ہو۔ ضمیمہ کے مطابق متعلقہ اداروں کو ہدایت جاری کی گئی ہے کہ وہ مقررہ تاریخ تک تمام تفصیلات فراہم کریں اور منصوبے کی تکمیل کے لیے ضروری اقدامات کو یقینی بنائیں تاکہ عوامی مفاد میں کام بروقت مکمل ہو سکے اور کسی قسم کی تاخیر نہ ہو۔ ضمیمہ کے مطابق متعلقہ اداروں کو ہدایت جاری کی گئی ہے کہ وہ مقررہ تاریخ
ضمیمہ نمبر 44
ضمیمہ کے مطابق متعلقہ اداروں کو ہدایت جاری کی گئی ہے کہ وہ مقررہ تاریخ تک تمام تفصیلات فراہم کریں اور منصوبے کی تکمیل کے لیے ضروری اقدامات کو یقینی بنائیں تاکہ عوامی مفاد میں کام بروقت مکمل ہو سکے اور کسی قسم کی تاخیر نہ ہو۔ ضمیمہ کے مطابق متعلقہ اداروں کو ہدایت جاری کی گئی ہے کہ وہ مقررہ تاریخ تک تمام تفصیلات فراہم کریں اور منصوبے کی تکمیل کے لیے ضروری اقدامات کو یقینی بنائیں تاکہ عوامی مفاد میں کام بروقت مکمل ہو سکے اور کسی قسم کی تاخیر نہ ہو۔ ضمیمہ کے مطابق متعلقہ اداروں کو ہدایت جاری کی گئی ہے کہ وہ مقررہ تاریخ تک تمام تفصیلات فراہم کریں اور منصوبے کی تکمیل کے لیے ضروری اقدامات کو یقینی بنائیں تاکہ عوامی مفاد میں کام بروقت مکمل ہو سکے اور کسی قسم کی تاخیر نہ ہو۔ ضمیمہ کے مطابق متعلقہ اداروں کو ہدایت جاری کی گئی ہے کہ وہ مقررہ تاریخ
ضمیمہ نمبر 45
ضمیمہ کے مطابق متعلقہ اداروں کو ہدایت جاری کی گئی ہے کہ وہ مقررہ تاریخ تک تمام تفصیلات فراہم کریں اور منصوبے کی تکمیل کے لیے ضروری اقدامات کو یقینی بنائیں تاکہ عوامی مفاد میں کام بروقت مکمل ہو سکے اور کسی قسم کی تاخیر نہ ہو۔ ضمیمہ کے مطابق متعلقہ اداروں کو ہدایت جاری کی گئی ہے کہ وہ مقررہ تاریخ تک تمام تفصیلات فراہم کریں اور منصوبے کی تکمیل کے لیے ضروری اقدامات کو یقینی بنائیں تاکہ عوامی مفاد میں کام بروقت مکمل ہو سکے اور کسی قسم کی تاخیر نہ ہو۔ ضمیمہ کے مطابق متعلقہ اداروں کو ہدایت جاری کی گئی ہے کہ وہ مقررہ تاریخ تک تمام تفصیلات فراہم کریں اور منصوبے کی تکمیل کے لیے ضروری اقدامات کو یقینی بنائیں تاکہ عوامی مفاد میں کام بروقت مکمل ہو سکے اور کسی قسم کی تاخیر نہ ہو۔ ضمیمہ کے مطابق متعلقہ اداروں کو ہدایت جاری کی گئی ہے کہ وہ مقررہ تاریخ
ضمیمہ نمبر 46
ضمیمہ کے مطابق متعلقہ اداروں کو ہدایت جاری کی گئی ہے کہ وہ مقررہ تاریخ تک تمام تفصیلات فراہم کریں اور منصوبے کی تکمیل کے لیے ضروری اقدامات کو یقینی
ضمیمہ نمبر 47
ضمیمہ کے مطابق متعلقہ اداروں کو ہدایت جاری کی گئی ہے کہ وہ مقررہ تاریخ تک تمام تفصیلات فراہم کریں اور منصوبے کی تکمیل کے لیے ضروری اقدامات کو یقینی بنائیں تاکہ عوامی مفاد میں کام بروقت مکمل ہو سکے اور کسی قسم کی تاخیر نہ ہو۔ ضمیمہ کے مطابق متعلقہ اداروں کو ہدایت جاری کی گئی ہے کہ وہ مقررہ تاریخ تک تمام تفصیلات فراہم کریں اور منصوبے کی تکمیل کے لیے ضروری اقدامات کو یقینی بنائیں تاکہ عوامی مفاد میں کام بروقت مکمل ہو سکے اور کسی قسم کی تاخیر نہ ہو۔ ضمیمہ کے مطابق متعلقہ اداروں کو ہدایت جاری کی گئی ہے کہ وہ مقررہ تاریخ
ضمیمہ کے مطابق متعلقہ اداروں کو ہدایت جاری کی گئی ہے کہ وہ مقررہ تاریخ تک تمام تفصیلات فراہم کریں اور منصوبے کی تکمیل کے لیے ضروری اقدامات کو یقینی
ضمیمہ نمبر 48
ضمیمہ کے مطابق متعلقہ اداروں کو ہدایت جاری کی گئی ہے کہ وہ مقررہ تاریخ تک تمام تفصیلات فراہم کریں اور منصوبے کی تکمیل کے لیے ضروری اقدامات کو یقینی بنائیں تاکہ عوامی مفاد میں کام بروقت مکمل ہو سکے اور کسی قسم کی تاخیر نہ ہو۔ ضمیمہ کے مطابق متعلقہ اداروں کو ہدایت جاری کی گئی ہے کہ وہ مقررہ تاریخ تک تمام تفصیلات فراہم کریں اور منصوبے کی تکمیل کے لیے ضروری اقدامات کو یقینی بنائیں تاکہ عوامی مفاد میں کام بروقت مکمل ہو سکے اور کسی قسم کی تاخیر نہ ہو۔ ضمیمہ کے مطابق متعلقہ اداروں کو ہدایت جاری کی گئی ہے کہ وہ مقررہ تاریخ تک تمام تفصیلات فراہم کریں اور منصوبے کی تکمیل کے لیے ضروری اقدامات کو یقینی بنائیں تاکہ عوامی مفاد میں کام بروقت مکمل ہو سکے اور کسی قسم کی تاخیر نہ ہو۔ ضمیمہ کے مطابق متعلقہ اداروں کو ہدایت جاری کی گئی ہے کہ وہ مقررہ تاریخ تک تمام تفصیلات فراہم کریں اور منصوبے کی تکمیل کے لیے ضروری اقدامات کو یقینی بنائیں تاکہ عوامی مفاد میں کام بروقت مکمل ہو سکے اور کسی قسم کی تاخیر نہ ہو۔ ضمیمہ کے مطابق متعلقہ اداروں کو ہدایت جاری کی گئی ہے کہ وہ مقررہ تاریخ تک تمام تفصیلات فراہم کریں اور منصوبے کی تکمیل کے لیے ضروری اقدامات کو یقینی بنائیں تاکہ عوامی مفاد میں کام بروقت مکمل ہو سکے اور کسی قسم کی تاخیر نہ ہو۔ ضمیمہ کے مطابق متعلقہ اداروں کو ہدایت جاری کی گئی ہے کہ وہ مقررہ تاریخ تک تمام تفصیلات فراہم کریں اور منصوبے کی تکمیل کے لیے ضروری اقدامات کو یقینی
ضمیمہ نمبر 49
ضمیمہ کے مطابق متعلقہ اداروں کو ہدایت جاری کی گئی ہے کہ وہ مقررہ تاریخ تک تمام تفصیلات فراہم کریں اور منصوبے کی تکمیل کے لیے ضروری اقدامات کو یقینی بنائیں تاکہ عوامی مفاد میں کام بروقت مکمل ہو سکے اور کسی قسم کی تاخیر نہ ہو۔ ضمیمہ کے مطابق متعلقہ اداروں کو ہدایت جاری کی گئی ہے کہ وہ مقررہ تاریخ تک تمام تفصیلات فراہم کریں اور منصوبے کی تکمیل کے لیے ضروری اقدامات کو یقینی بنائیں تاکہ عوامی مفاد میں کام بروقت مکمل ہو سکے اور کسی قسم کی تاخیر نہ ہو۔ ضمیمہ کے مطابق متعلقہ اداروں کو ہدایت جاری کی گئی ہے کہ وہ مقررہ تاریخ تک تمام تفصیلات فراہم کریں اور منصوبے کی تکمیل کے لیے ضروری اقدامات کو یقینی بنائیں تاکہ عوامی مفاد میں کام بروقت مکمل ہو سکے اور کسی قسم کی تاخیر نہ ہو۔ ضمیمہ کے مطابق متعلقہ اداروں کو ہدایت جاری کی گئی ہے کہ وہ مقررہ تاریخ تک تمام تفصیلات فراہم کریں اور منصوبے کی تکمیل کے لیے ضروری اقدامات کو یقینی بنائیں تاکہ عوامی مفاد میں کام بروقت مکمل ہو سکے اور کسی قسم کی تاخیر نہ ہو۔ ضمیمہ کے مطابق متعلقہ اداروں کو ہدایت جاری کی گئی ہے کہ وہ مقررہ تاریخ تک تمام تفصیلات فراہم کریں اور منصوبے کی تکمیل کے لیے ضروری اقدامات کو یقینی بنائیں تاکہ عوامی مفاد میں کام بروقت مکمل ہو سکے اور کسی قسم کی تاخیر نہ ہو۔ ضمیمہ کے مطابق متعلقہ اداروں کو ہدایت جاری کی گئی ہے کہ وہ مقررہ تاریخ تک تمام تفصیلات فراہم کریں اور منصوبے کی تکمیل کے لیے ضروری اقدامات کو یقینی بنائیں تاکہ عوامی مفاد میں کام بروقت مکمل ہو سکے اور کسی قسم کی تاخیر نہ ہو۔ ضمیمہ کے مطابق متعلقہ اداروں کو ہدایت جاری کی گئی ہے کہ وہ مقررہ تاریخ تک تمام تفصیلات فراہم کریں اور منصوبے کی تکمیل کے لیے ضروری اقدامات کو یقینی بنائیں تاکہ عوامی مفاد میں کام بروقت مکمل ہو سکے اور کسی قسم کی تاخیر نہ ہو۔ ضمیمہ کے مطابق متعلقہ اداروں کو ہدایت جاری کی گئی ہے کہ وہ مقررہ تاریخ تک تمام تفصیلات فراہم کریں اور منصوبے کی تکمیل کے لیے ضروری اقدامات کو یقینی بنائیں تاکہ عوامی مفاد میں کام بروقت مکمل ہو سکے اور کسی قسم کی تاخیر نہ ہو۔ ضمیمہ کے مطابق متعلقہ اداروں کو ہدایت جاری کی گئی ہے کہ وہ مقررہ تاریخ تک تمام تفصیلات فراہم کریں اور منصوبے کی تکمیل کے لیے ضروری اقدامات کو یقینی بنائیں تاکہ عوامی مفاد میں کام بروقت مکمل ہو سکے اور کسی قسم کی تاخیر نہ ہو۔ ضمیمہ کے مطابق متعلقہ اداروں کو ہدایت جاری کی گئی ہے کہ وہ مقررہ تاریخ تک تمام تفصیلات فراہم کریں اور منصوبے کی تکمیل کے لیے ضروری اقدامات کو یقینی بنائیں تاکہ عوامی مفاد میں کام بروقت مکمل ہو سکے اور کسی قسم کی تاخیر نہ ہو۔ ضمیمہ کے مطابق متعلقہ اداروں کو ہدایت جاری کی گئی ہے کہ وہ مقررہ تاریخ
ضمیمہ نمبر 50
ضمیمہ کے مطابق متعلقہ اداروں کو ہدایت جاری کی گئی ہے کہ وہ مقررہ تاریخ تک تمام تفصیلات فراہم کریں اور منصوبے کی تکمیل کے لیے ضروری اقدامات کو یقینی بنائیں تاکہ عوامی مفاد میں کام بروقت مکمل ہو سکے اور کسی قسم کی تاخیر نہ ہو۔ ضمیمہ کے مطابق متعلقہ اداروں کو ہدایت جاری کی گئی ہے کہ وہ مقررہ تاریخ تک تمام تفصیلات فراہم کریں اور منصوبے کی تکمیل کے لیے ضروری اقدامات کو یقینی بنائیں تاکہ عوامی مفاد میں کام بروقت مکمل ہو سکے اور کسی قسم کی تاخیر نہ ہو۔ ضمیمہ کے مطابق متعلقہ اداروں کو ہدایت جاری کی گئی ہے کہ وہ مقررہ تاریخ تک تمام تفصیلات فراہم کریں اور منصوبے کی تکمیل کے لیے ضروری اقدامات کو یقینی بنائیں تاکہ عوامی مفاد میں کام بروقت مکمل ہو سکے اور کسی قسم کی تاخیر نہ ہو۔ ضمیمہ کے مطابق متعلقہ اداروں کو ہدایت جاری کی گئی ہے کہ وہ مقررہ تاریخ تک تمام تفصیلات فراہم کریں اور منصوبے کی تکمیل کے لیے ضروری اقدامات کو یقینی
ضمیمہ نمبر 51
ضمیمہ کے مطابق متعلقہ اداروں کو ہدایت جاری کی گئی ہے کہ وہ مقررہ تاریخ تک تمام تفصیلات فراہم کریں اور منصوبے کی تکمیل کے لیے ضروری اقدامات کو یقینی بنائیں تاکہ عوامی مفاد میں کام بروقت مکمل ہو سکے اور کسی قسم کی تاخیر نہ ہو۔ ضمیمہ کے مطابق متعلقہ اداروں کو ہدایت جاری کی گئی ہے کہ وہ مقررہ تاریخ تک تمام تفصیلات فراہم کریں اور منصوبے کی تکمیل کے لیے ضروری اقدامات کو یقینی بنائیں تاکہ عوامی مفاد میں کام بروقت مکمل ہو سکے اور کسی قسم کی تاخیر نہ ہو۔ ضمیمہ کے مطابق متعلقہ اداروں کو ہدایت جاری کی گئی ہے کہ وہ مقررہ تاریخ تک تمام تفصیلات فراہم کریں اور منصوبے کی تکمیل کے لیے ضروری اقدامات کو یقینی بنائیں تاکہ عوامی مفاد میں کام بروقت مکمل ہو سکے اور کسی قسم کی تاخیر نہ ہو۔ ضمیمہ کے مطابق متعلقہ اداروں کو ہدایت جاری کی گئی ہے کہ وہ مقررہ تاریخ
ضمیمہ نمبر 52
ضمیمہ کے مطابق متعلقہ اداروں کو ہدایت جاری کی گئی ہے کہ وہ مقررہ تاریخ تک تمام تفصیلات فراہم کریں اور منصوبے کی تکمیل کے لیے ضروری اقدامات کو یقینی بنائیں تاکہ عوامی مفاد میں کام بروقت مکمل ہو سکے اور کسی قسم کی تاخیر نہ ہو۔ ضمیمہ کے مطابق متعلقہ اداروں کو ہدایت جاری کی گئی ہے کہ وہ مقررہ تاریخ تک تمام تفصیلات فراہم کریں اور منصوبے کی تکمیل کے لیے ضروری اقدامات کو یقینی بنائیں تاکہ عوامی مفاد میں کام بروقت مکمل ہو سکے اور کسی قسم کی تاخیر نہ ہو۔ ضمیمہ کے مطابق متعلقہ اداروں کو ہدایت جاری کی گئی ہے کہ وہ مقررہ تاریخ تک تمام تفصیلات فراہم کریں اور منصوبے کی تکمیل کے لیے ضروری اقدامات کو یقینی بنائیں تاکہ عوامی مفاد میں کام بروقت مکمل ہو سکے اور کسی قسم کی تاخیر نہ ہو۔ ضمیمہ کے مطابق متعلقہ اداروں کو ہدایت جاری کی گئی ہے کہ وہ مقررہ تاریخ تک تمام تفصیلات فراہم کریں اور منصوبے کی تکمیل کے لیے ضروری اقدامات کو یقینی
ضمیمہ نمبر 53
ضمیمہ کے مطابق متعلقہ اداروں کو ہدایت جاری کی گئی ہے کہ وہ مقررہ تاریخ تک تمام تفصیلات فراہم کریں اور منصوبے کی تکمیل کے لیے ضروری اقدامات کو یقینی بنائیں تاکہ عوامی مفاد میں کام بروقت مکمل ہو سکے اور کسی قسم کی تاخیر نہ ہو۔ ضمیمہ کے مطابق متعلقہ اداروں کو ہدایت جاری کی گئی ہے کہ وہ مقررہ تاریخ
ضمیمہ نمبر 54
ضمیمہ کے مطابق متعلقہ اداروں کو ہدایت جاری کی گئی ہے کہ وہ مقررہ تاریخ تک تمام تفصیلات فراہم کریں اور منصوبے کی تکمیل کے لیے ضروری اقدامات کو یقینی بنائیں تاکہ عوامی مفاد میں کام بروقت مکمل ہو سکے اور کسی قسم کی تاخیر نہ ہو۔ ضمیمہ کے مطابق متعلقہ اداروں کو ہدایت جاری کی گئی ہے کہ وہ مقررہ تاریخ تک تمام تفصیلات فراہم کریں اور منصوبے کی تکمیل کے لیے ضروری اقدامات کو یقینی
ضمیمہ کے مطابق متعلقہ اداروں کو ہدایت جاری کی گئی ہے کہ وہ مقررہ تاریخ تک تمام تفصیلات فراہم کریں اور منصوبے کی تکمیل کے لیے ضروری اقدامات کو یقینی بنائیں تاکہ عوامی مفاد میں کام بروقت مکمل ہو سکے اور کسی قسم کی تاخیر نہ ہو۔ ضمیمہ کے مطابق متعلقہ اداروں کو ہدایت جاری کی گئی ہے کہ وہ مقررہ تاریخ تک تمام تفصیلات فراہم کریں اور منصوبے کی تکمیل کے لیے ضروری اقدامات کو یقینی بنائیں تاکہ عوامی مفاد میں کام بروقت مکمل ہو سکے اور کسی قسم کی تاخیر نہ ہو۔ ضمیمہ کے مطابق متعلقہ اداروں کو ہدایت جاری کی گئی ہے کہ وہ مقررہ تاریخ تک تمام تفصیلات فراہم کریں اور منصوبے کی تکمیل کے لیے ضروری اقدامات کو یقینی بنائیں تاکہ عوامی مفاد میں کام بروقت مکمل ہو سکے اور کسی قسم کی تاخیر نہ ہو۔ ضمیمہ کے مطابق متعلقہ اداروں کو ہدایت جاری کی گئی ہے کہ وہ مقررہ تاریخ تک تمام تفصیلات فراہم کریں اور منصوبے کی تکمیل کے لیے ضروری اقدامات کو یقینی بنائیں تاکہ عوامی مفاد میں کام بروقت مکمل ہو سکے اور کسی قسم کی تاخیر نہ ہو۔ ضمیمہ کے مطابق متعلقہ اداروں کو ہدایت جاری کی گئی ہے کہ وہ مقررہ تاریخ تک تمام تفصیلات فراہم کریں اور منصوبے کی تکمیل کے لیے ضروری اقدامات کو یقینی بنائیں تاکہ عوامی مفاد میں کام بروقت مکمل ہو سکے اور کسی قسم کی تاخیر نہ ہو۔ ضمیمہ کے مطابق متعلقہ اداروں کو ہدایت جاری کی گئی ہے کہ وہ مقررہ تاریخ تک تمام تفصیلات فراہم کریں اور منصوبے کی تکمیل کے لیے ضروری اقدامات کو یقینی بنائیں تاکہ عوامی مفاد میں کام بروقت مکمل ہو سکے اور کسی قسم کی تاخیر نہ ہو۔ ضمیمہ کے مطابق متعلقہ اداروں کو ہدایت جاری کی گئی ہے کہ وہ مقررہ تاریخ تک تمام تفصیلات فراہم کریں اور منصوبے کی تکمیل کے لیے ضروری اقدامات کو یقینی بنائیں تاکہ عوامی مفاد میں کام بروقت مکمل ہو سکے اور کسی قسم کی تاخیر نہ ہو۔ ضمیمہ کے مطابق متعلقہ اداروں کو ہدایت جاری کی گئی ہے کہ وہ مقررہ تاریخ تک تمام تفصیلات فراہم کریں اور منصوبے کی تکمیل کے لیے ضروری اقدامات کو یقینی بنائیں تاکہ عوامی مفاد میں کام بروقت مکمل ہو سکے اور کسی قسم کی تاخیر نہ
ضمیمہ نمبر 55
ضمیمہ کے مطابق متعلقہ اداروں کو ہدایت جاری کی گئی ہے کہ وہ مقررہ تاریخ تک تمام تفصیلات فراہم کریں اور منصوبے کی تکمیل کے لیے ضروری اقدامات کو یقینی بنائیں تاکہ عوامی مفاد میں کام بروقت مکمل ہو سکے اور کسی قسم کی تاخیر نہ ہو۔ ضمیمہ کے مطابق متعلقہ اداروں کو ہدایت جاری کی گئی ہے کہ وہ مقررہ تاریخ تک تمام تفصیلات فراہم کریں اور منصوبے کی تکمیل کے لیے ضروری اقدامات کو یقینی
ضمیمہ نمبر 56
ضمیمہ کے مطابق متعلقہ اداروں کو ہدایت جاری کی گئی ہے کہ وہ مقررہ تاریخ تک تمام تفصیلات فراہم کریں اور منصوبے کی تکمیل کے لیے ضروری اقدامات کو یقینی بنائیں تاکہ عوامی مفاد میں کام بروقت مکمل ہو سکے اور کسی قسم کی تاخیر نہ ہو۔ ضمیمہ کے مطابق متعلقہ اداروں کو ہدایت جاری کی گئی ہے کہ وہ مقررہ تاریخ تک تمام تفصیلات فراہم کریں اور منصوبے کی تکمیل کے لیے ضروری اقدامات کو یقینی بنائیں تاکہ عوامی مفاد میں کام بروقت مکمل ہو سکے اور کسی قسم کی تاخیر نہ ہو۔ ضمیمہ کے مطابق متعلقہ اداروں کو ہدایت جاری کی گئی ہے کہ وہ مقررہ تاریخ تک تمام تفصیلات فراہم کریں اور منصوبے کی تکمیل کے لیے ضروری اقدامات کو یقینی بنائیں تاکہ عوامی مفاد میں کام بروقت مکمل ہو سکے اور کسی قسم کی تاخیر نہ ہو۔ ضمیمہ کے مطابق متعلقہ اداروں کو ہدایت جاری کی گئی ہے کہ وہ مقررہ تاریخ تک تمام تفصیلات فراہم کریں اور منصوبے کی تکمیل کے لیے ضروری اقدامات کو یقینی بنائیں تاکہ عوامی مفاد میں کام بروقت مکمل ہو سکے اور کسی قسم کی تاخیر نہ ہو۔ ضمیمہ کے مطابق متعلقہ اداروں کو ہدایت جاری کی گئی ہے کہ وہ مقررہ تاریخ تک تمام تفصیلات فراہم کریں اور منصوبے کی تکمیل کے لیے ضروری اقدامات کو یقینی بنائیں تاکہ عوامی مفاد میں کام بروقت مکمل ہو سکے اور کسی قسم کی تاخیر نہ ہو۔ ضمیمہ کے مطابق متعلقہ اداروں کو ہدایت جاری کی گئی ہے کہ وہ مقررہ تاریخ تک تمام تفصیلات فراہم کریں اور منصوبے کی تکمیل کے لیے ضروری اقدامات کو یقینی بنائیں تاکہ عوامی مفاد میں کام بروقت مکمل ہو سکے اور کسی قسم کی تاخیر نہ
ضمیمہ نمبر 57
ضمیمہ کے مطابق متعلقہ اداروں کو ہدایت جاری کی گئی ہے کہ وہ مقررہ تاریخ تک تمام تفصیلات فراہم کریں اور منصوبے کی تکمیل کے لیے ضروری اقدامات کو یقینی بنائیں تاکہ عوامی مفاد میں کام بروقت مکمل ہو سکے اور کسی قسم کی تاخیر نہ ہو۔ ضمیمہ کے مطابق متعلقہ اداروں کو ہدایت جاری کی گئی ہے کہ وہ مقررہ تاریخ تک تمام تفصیلات فراہم کریں اور منصوبے کی تکمیل کے لیے ضروری اقدامات کو یقینی بنائیں تاکہ عوامی مفاد میں کام بروقت مکمل ہو سکے اور کسی قسم کی تاخیر نہ ہو۔ ضمیمہ کے مطابق متعلقہ اداروں کو ہدایت جاری کی گئی ہے کہ وہ مقررہ تاریخ تک تمام تفصیلات فراہم کریں اور منصوبے کی تکمیل کے لیے ضروری اقدامات کو یقینی بنائیں تاکہ عوامی مفاد میں کام بروقت مکمل ہو سکے اور کسی قسم کی تاخیر نہ ہو۔ ضمیمہ کے مطابق متعلقہ اداروں کو ہدایت جاری کی گئی ہے کہ وہ مقررہ تاریخ تک تمام تفصیلات فراہم کریں اور منصوبے کی تکمیل کے لیے ضروری اقدامات کو یقینی بنائیں تاکہ عوامی مفاد میں کام بروقت مکمل ہو سکے اور کسی قسم کی تاخیر نہ ہو۔ ضمیمہ کے مطابق متعلقہ اداروں کو ہدایت جاری کی گئی ہے کہ وہ مقررہ تاریخ تک تمام تفصیلات فراہم کریں اور منصوبے کی تکمیل کے لیے ضروری اقدامات کو یقینی بنائیں تاکہ عوامی مفاد میں کام بروقت مکمل ہو سکے اور کسی قسم کی تاخیر نہ ہو۔ ضمیمہ کے مطابق متعلقہ اداروں کو ہدایت جاری کی گئی ہے کہ وہ مقررہ تاریخ تک تمام تفصیلات فراہم کریں اور منصوبے کی تکمیل کے لیے ضروری اقدامات کو یقینی بنائیں تاکہ عوامی مفاد میں کام بروقت مکمل ہو سکے اور کسی قسم کی تاخیر نہ ہو۔ ضمیمہ کے مطابق متعلقہ اداروں کو ہدایت جاری کی گئی ہے کہ وہ مقررہ تاریخ تک تمام تفصیلات فراہم کریں اور منصوبے کی تکمیل کے لیے ضروری اقدامات کو یقینی بنائیں تاکہ عوامی مفاد میں کام بروقت مکمل ہو سکے اور کسی قسم کی تاخیر نہ ہو۔ ضمیمہ کے مطابق متعلقہ اداروں کو ہدایت جاری کی گئی ہے کہ وہ مقررہ تاریخ تک تمام تفصیلات فراہم کریں اور منصوبے کی تکمیل کے لیے ضروری اقدامات کو یقینی بنائیں تاکہ عوامی مفاد میں کام بروقت مکمل ہو سکے اور کسی قسم کی تاخیر نہ ہو۔ ضمیمہ کے مطابق متعلقہ اداروں کو ہدایت جاری کی گئی ہے کہ وہ مقررہ تاریخ تک تمام تفصیلات فراہم کریں اور منصوبے کی تکمیل کے لیے ضروری اقدامات کو یقینی بنائیں تاکہ عوامی مفاد میں کام بروقت مکمل ہو سکے اور کسی قسم کی تاخیر نہ ہو۔ ضمیمہ کے مطابق متعلقہ اداروں کو ہدایت جاری کی گئی ہے کہ وہ مقررہ تاریخ تک تمام تفصیلات فراہم کریں اور منصوبے کی تکمیل کے لیے ضروری اقدامات کو یقینی بنائیں تاکہ عوامی مفاد میں کام بروقت مکمل ہو سکے اور کسی قسم کی تاخیر نہ
تلاش گمشدہ
اسٹیٹ لائف کی بیمہ پالیسی نمبر1-613454061 بنام عنایت خان ولد شمس الرحمن گلگت کہیں گم ہوگئی ہے۔ جس کسی کو ملے وہ اسٹیٹ لائف گلگت زون کو واپس کر کے شکریہ کا موقع دے۔
انچارج پالیسی ہولڈرسروس اسٹیٹ لائف گلگت زون
تلاش گمشدہ
اسٹیٹ لائف کی بیمہ پالیسی نمبر7-613469723 بنام کوثر جان زوجہ رحمان علی گلگت کہیں گم ہوگئی ہے۔ جس کسی کو ملے وہ اسٹیٹ لائف گلگت زون کو واپس کر کے شکریہ کا موقع دے۔
انچارج پالیسی ہولڈرسروس اسٹیٹ لائف گلگت زون
